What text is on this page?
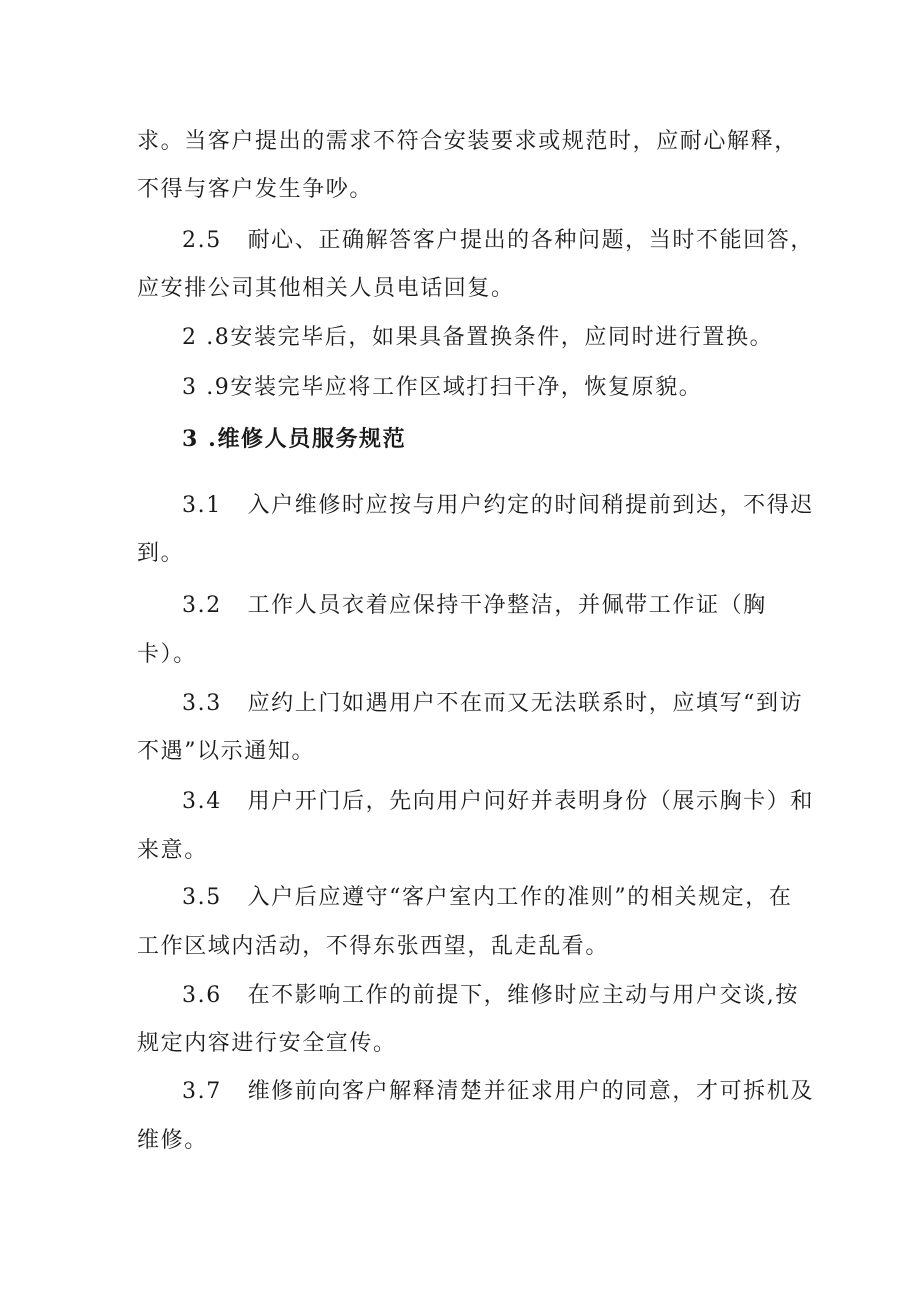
求。当客户提出的需求不符合安装要求或规范时，应耐心解释，
不得与客户发生争吵。
2.5 耐心、正确解答客户提出的各种问题，当时不能回答，
应安排公司其他相关人员电话回复。
2 .8安装完毕后，如果具备置换条件，应同时进行置换。
3 .9安装完毕应将工作区域打扫干净，恢复原貌。
3 .维修人员服务规范
3.1 入户维修时应按与用户约定的时间稍提前到达，不得迟
到。
3.2 工作人员衣着应保持干净整洁，并佩带工作证（胸
卡）。
3.3 应约上门如遇用户不在而又无法联系时，应填写“到访
不遇”以示通知。
3.4 用户开门后，先向用户问好并表明身份（展示胸卡）和
来意。
3.5 入户后应遵守“客户室内工作的准则”的相关规定，在
工作区域内活动，不得东张西望，乱走乱看。
3.6 在不影响工作的前提下，维修时应主动与用户交谈,按
规定内容进行安全宣传。
3.7 维修前向客户解释清楚并征求用户的同意，才可拆机及
维修。
